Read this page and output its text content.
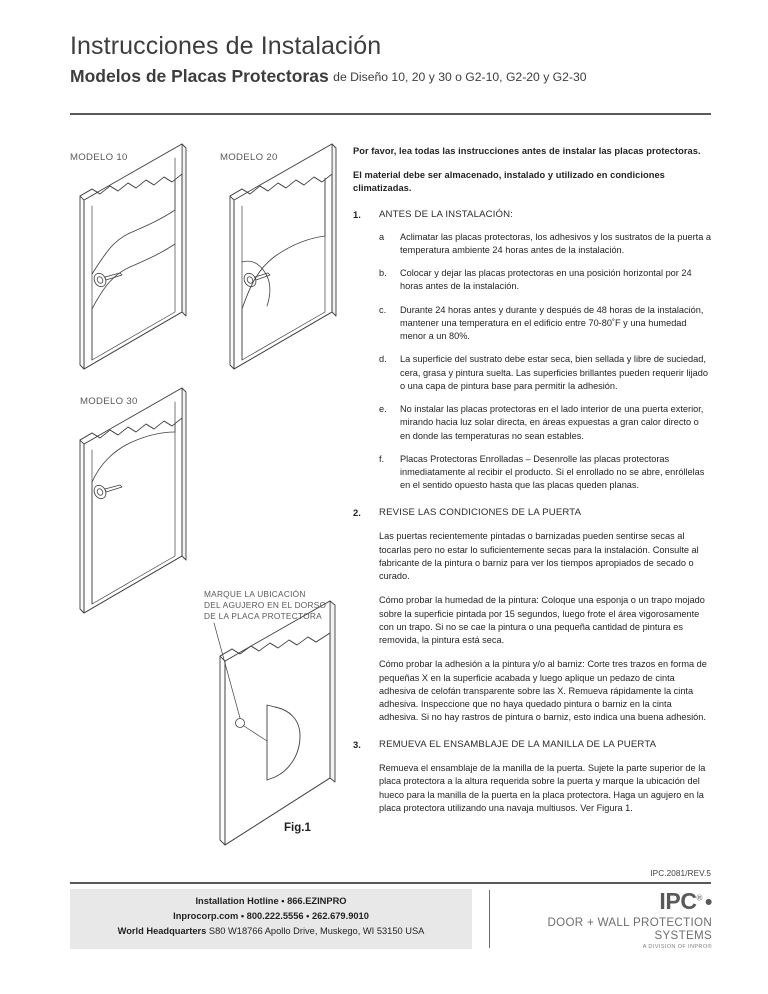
Instrucciones de Instalación
Modelos de Placas Protectoras de Diseño 10, 20 y 30 o G2-10, G2-20 y G2-30
MODELO 10	MODELO 20
MODELO 30
MARQUE LA UBICACIÓN
DEL AGUJERO EN EL DORSO
DE LA PLACA PROTECTORA
Fig.1
Por favor, lea todas las instrucciones antes de instalar las placas protectoras.
El material debe ser almacenado, instalado y utilizado en condiciones climatizadas.
1. ANTES DE LA INSTALACIÓN:
a Aclimatar las placas protectoras, los adhesivos y los sustratos de la puerta a temperatura ambiente 24 horas antes de la instalación.
b. Colocar y dejar las placas protectoras en una posición horizontal por 24 horas antes de la instalación.
c. Durante 24 horas antes y durante y después de 48 horas de la instalación, mantener una temperatura en el edificio entre 70-80˚F y una humedad menor a un 80%.
d. La superficie del sustrato debe estar seca, bien sellada y libre de suciedad, cera, grasa y pintura suelta. Las superficies brillantes pueden requerir lijado o una capa de pintura base para permitir la adhesión.
e. No instalar las placas protectoras en el lado interior de una puerta exterior, mirando hacia luz solar directa, en áreas expuestas a gran calor directo o en donde las temperaturas no sean estables.
f. Placas Protectoras Enrolladas – Desenrolle las placas protectoras inmediatamente al recibir el producto. Si el enrollado no se abre, enróllelas en el sentido opuesto hasta que las placas queden planas.
2. REVISE LAS CONDICIONES DE LA PUERTA
Las puertas recientemente pintadas o barnizadas pueden sentirse secas al tocarlas pero no estar lo suficientemente secas para la instalación. Consulte al fabricante de la pintura o barniz para ver los tiempos apropiados de secado o curado.
Cómo probar la humedad de la pintura: Coloque una esponja o un trapo mojado sobre la superficie pintada por 15 segundos, luego frote el área vigorosamente con un trapo. Si no se cae la pintura o una pequeña cantidad de pintura es removida, la pintura está seca.
Cómo probar la adhesión a la pintura y/o al barniz: Corte tres trazos en forma de pequeñas X en la superficie acabada y luego aplique un pedazo de cinta adhesiva de celofán transparente sobre las X. Remueva rápidamente la cinta adhesiva. Inspeccione que no haya quedado pintura o barniz en la cinta adhesiva. Si no hay rastros de pintura o barniz, esto indica una buena adhesión.
3. REMUEVA EL ENSAMBLAJE DE LA MANILLA DE LA PUERTA
Remueva el ensamblaje de la manilla de la puerta. Sujete la parte superior de la placa protectora a la altura requerida sobre la puerta y marque la ubicación del hueco para la manilla de la puerta en la placa protectora. Haga un agujero en la placa protectora utilizando una navaja multiusos. Ver Figura 1.
IPC.2081/REV.5
Installation Hotline • 866.EZINPRO
Inprocorp.com • 800.222.5556 • 262.679.9010
World Headquarters S80 W18766 Apollo Drive, Muskego, WI 53150 USA
IPC® •
DOOR + WALL PROTECTION SYSTEMS
A DIVISION OF INPRO®
